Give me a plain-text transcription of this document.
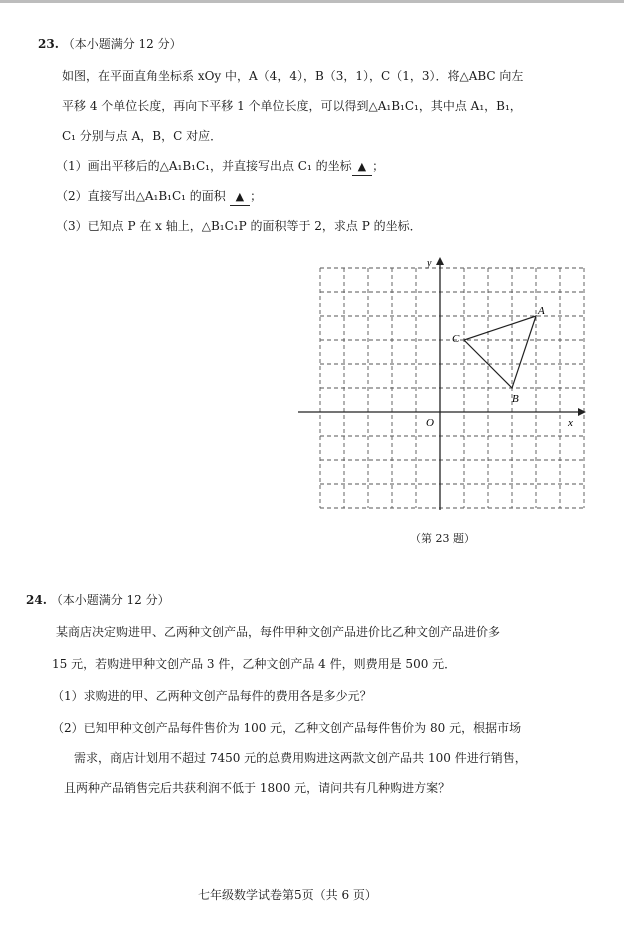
23. （本小题满分 12 分）
如图，在平面直角坐标系 xOy 中，A（4，4），B（3，1），C（1，3）．将△ABC 向左
平移 4 个单位长度，再向下平移 1 个单位长度，可以得到△A₁B₁C₁，其中点 A₁，B₁，
C₁ 分别与点 A，B，C 对应．
（1）画出平移后的△A₁B₁C₁，并直接写出点 C₁ 的坐标 ▲ ；
（2）直接写出△A₁B₁C₁ 的面积 ▲ ；
（3）已知点 P 在 x 轴上，△B₁C₁P 的面积等于 2，求点 P 的坐标．
x
y
O
A
B
C
（第 23 题）
24. （本小题满分 12 分）
某商店决定购进甲、乙两种文创产品，每件甲种文创产品进价比乙种文创产品进价多
15 元，若购进甲种文创产品 3 件，乙种文创产品 4 件，则费用是 500 元．
（1）求购进的甲、乙两种文创产品每件的费用各是多少元？
（2）已知甲种文创产品每件售价为 100 元，乙种文创产品每件售价为 80 元，根据市场
需求，商店计划用不超过 7450 元的总费用购进这两款文创产品共 100 件进行销售，
且两种产品销售完后共获利润不低于 1800 元，请问共有几种购进方案？
七年级数学试卷第5页（共 6 页）
